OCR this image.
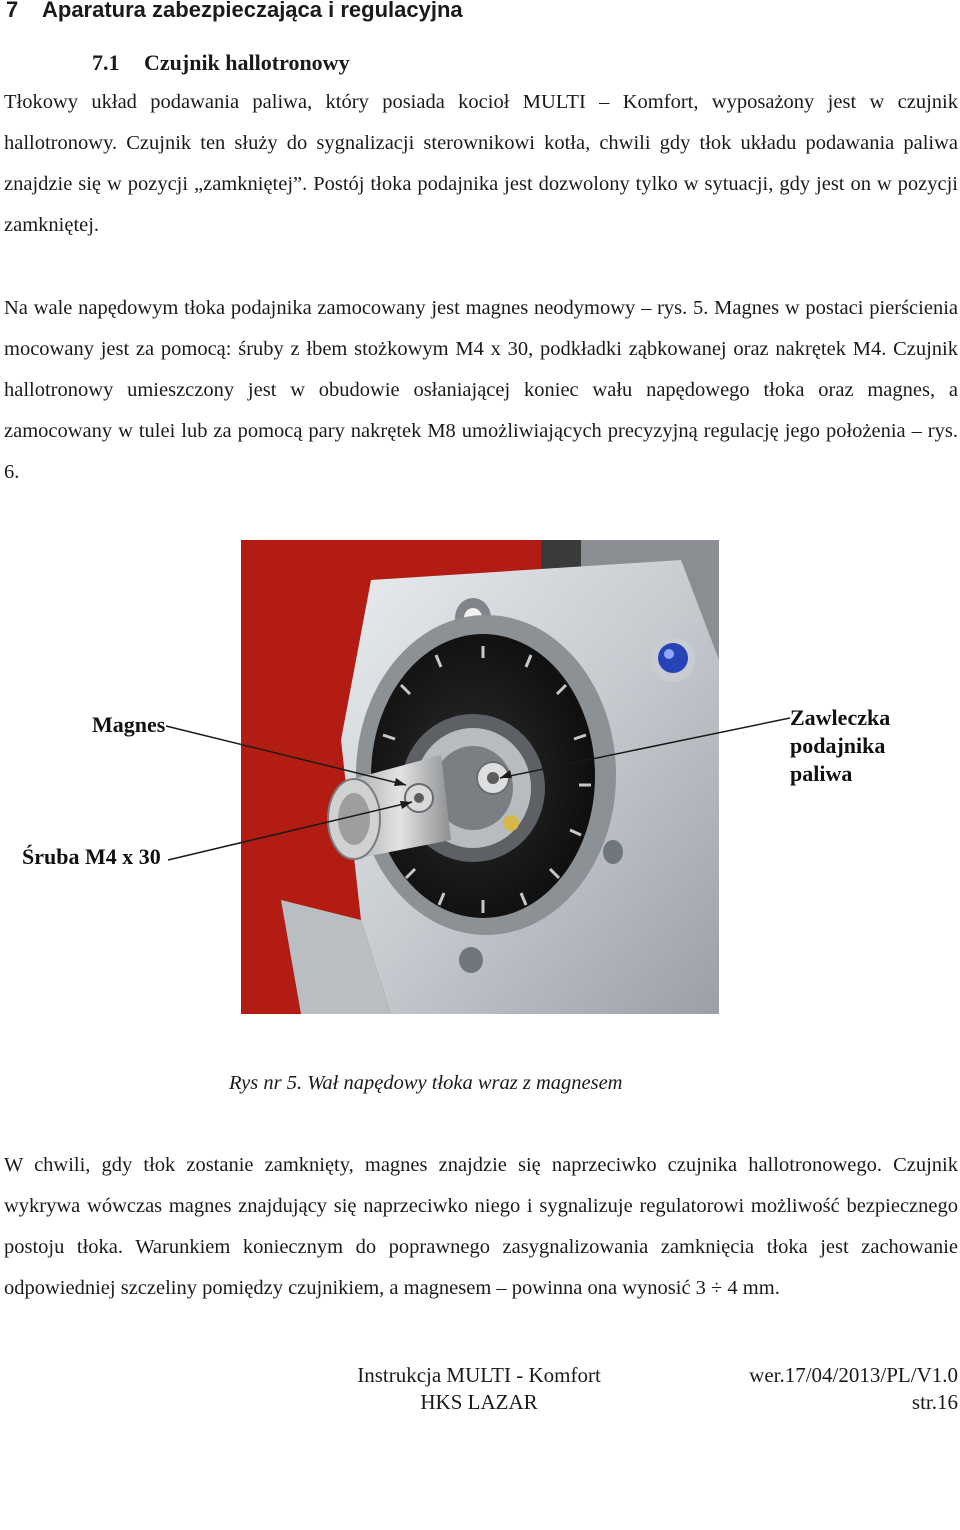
7 Aparatura zabezpieczająca i regulacyjna
7.1 Czujnik hallotronowy

Tłokowy układ podawania paliwa, który posiada kocioł MULTI – Komfort, wyposażony jest w czujnik hallotronowy. Czujnik ten służy do sygnalizacji sterownikowi kotła, chwili gdy tłok układu podawania paliwa znajdzie się w pozycji „zamkniętej”. Postój tłoka podajnika jest dozwolony tylko w sytuacji, gdy jest on w pozycji zamkniętej.

Na wale napędowym tłoka podajnika zamocowany jest magnes neodymowy – rys. 5. Magnes w postaci pierścienia mocowany jest za pomocą: śruby z łbem stożkowym M4 x 30, podkładki ząbkowanej oraz nakrętek M4. Czujnik hallotronowy umieszczony jest w obudowie osłaniającej koniec wału napędowego tłoka oraz magnes, a zamocowany w tulei lub za pomocą pary nakrętek M8 umożliwiających precyzyjną regulację jego położenia – rys. 6.

Magnes
Śruba M4 x 30
Zawleczka
podajnika
paliwa

Rys nr 5. Wał napędowy tłoka wraz z magnesem

W chwili, gdy tłok zostanie zamknięty, magnes znajdzie się naprzeciwko czujnika hallotronowego. Czujnik wykrywa wówczas magnes znajdujący się naprzeciwko niego i sygnalizuje regulatorowi możliwość bezpiecznego postoju tłoka. Warunkiem koniecznym do poprawnego zasygnalizowania zamknięcia tłoka jest zachowanie odpowiedniej szczeliny pomiędzy czujnikiem, a magnesem – powinna ona wynosić 3 ÷ 4 mm.

Instrukcja MULTI - Komfort
HKS LAZAR
wer.17/04/2013/PL/V1.0
str.16
